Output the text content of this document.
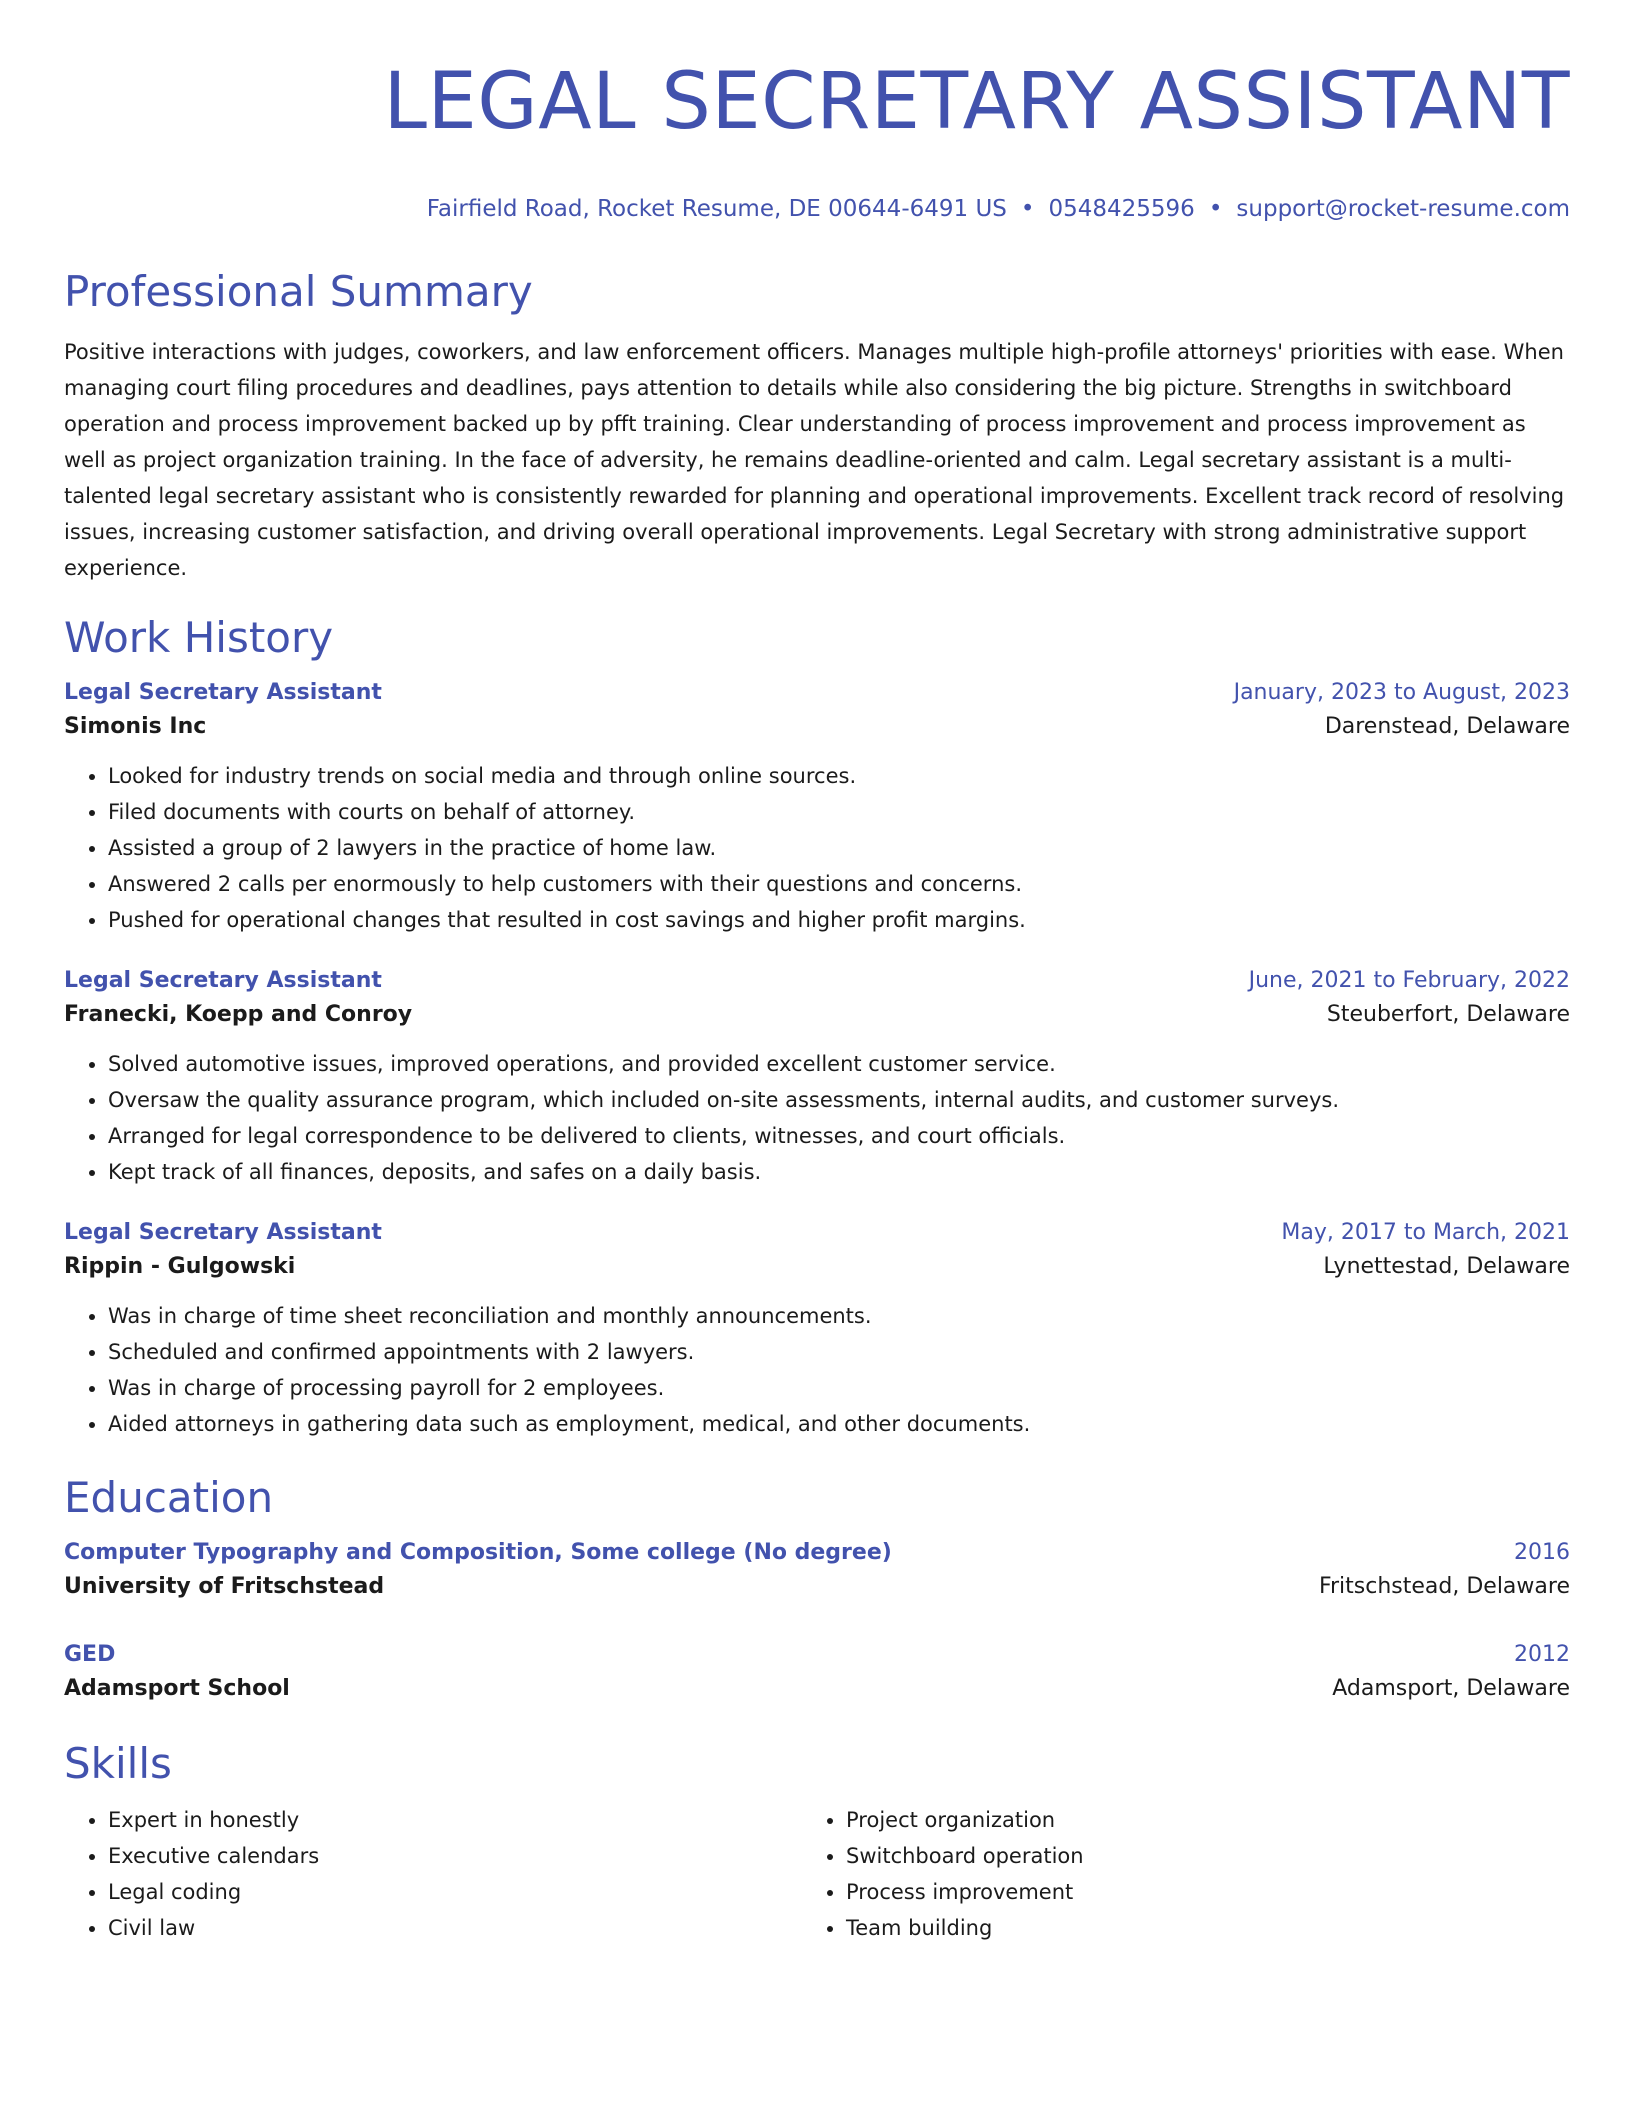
LEGAL SECRETARY ASSISTANT
Fairfield Road, Rocket Resume, DE 00644-6491 US • 0548425596 • support@rocket-resume.com
Professional Summary
Positive interactions with judges, coworkers, and law enforcement officers. Manages multiple high-profile attorneys' priorities with ease. When managing court filing procedures and deadlines, pays attention to details while also considering the big picture. Strengths in switchboard operation and process improvement backed up by pfft training. Clear understanding of process improvement and process improvement as well as project organization training. In the face of adversity, he remains deadline-oriented and calm. Legal secretary assistant is a multi-talented legal secretary assistant who is consistently rewarded for planning and operational improvements. Excellent track record of resolving issues, increasing customer satisfaction, and driving overall operational improvements. Legal Secretary with strong administrative support experience.
Work History
Legal Secretary Assistant	January, 2023 to August, 2023
Simonis Inc	Darenstead, Delaware
• Looked for industry trends on social media and through online sources.
• Filed documents with courts on behalf of attorney.
• Assisted a group of 2 lawyers in the practice of home law.
• Answered 2 calls per enormously to help customers with their questions and concerns.
• Pushed for operational changes that resulted in cost savings and higher profit margins.
Legal Secretary Assistant	June, 2021 to February, 2022
Franecki, Koepp and Conroy	Steuberfort, Delaware
• Solved automotive issues, improved operations, and provided excellent customer service.
• Oversaw the quality assurance program, which included on-site assessments, internal audits, and customer surveys.
• Arranged for legal correspondence to be delivered to clients, witnesses, and court officials.
• Kept track of all finances, deposits, and safes on a daily basis.
Legal Secretary Assistant	May, 2017 to March, 2021
Rippin - Gulgowski	Lynettestad, Delaware
• Was in charge of time sheet reconciliation and monthly announcements.
• Scheduled and confirmed appointments with 2 lawyers.
• Was in charge of processing payroll for 2 employees.
• Aided attorneys in gathering data such as employment, medical, and other documents.
Education
Computer Typography and Composition, Some college (No degree)	2016
University of Fritschstead	Fritschstead, Delaware
GED	2012
Adamsport School	Adamsport, Delaware
Skills
• Expert in honestly
• Executive calendars
• Legal coding
• Civil law
• Project organization
• Switchboard operation
• Process improvement
• Team building
